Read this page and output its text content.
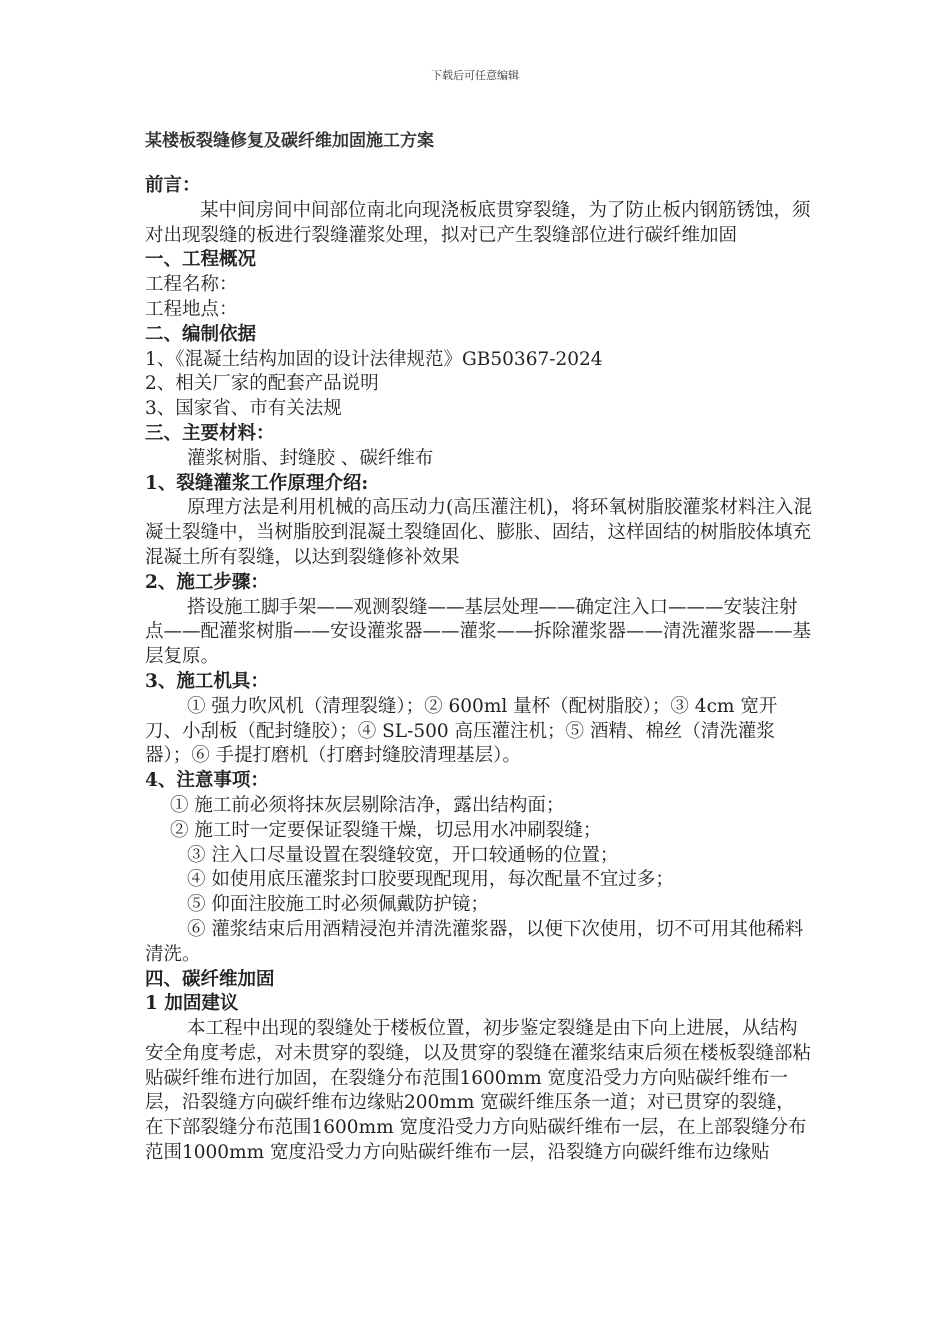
下载后可任意编辑
某楼板裂缝修复及碳纤维加固施工方案

前言：

某中间房间中间部位南北向现浇板底贯穿裂缝，为了防止板内钢筋锈蚀，须对出现裂缝的板进行裂缝灌浆处理，拟对已产生裂缝部位进行碳纤维加固

一、工程概况

工程名称：

工程地点：

二、编制依据

1、《混凝土结构加固的设计法律规范》GB50367-2024

2、相关厂家的配套产品说明

3、国家省、市有关法规

三、主要材料：

灌浆树脂、封缝胶 、碳纤维布

1、裂缝灌浆工作原理介绍:

原理方法是利用机械的高压动力(高压灌注机)，将环氧树脂胶灌浆材料注入混凝土裂缝中，当树脂胶到混凝土裂缝固化、膨胀、固结，这样固结的树脂胶体填充混凝土所有裂缝，以达到裂缝修补效果

2、施工步骤：

搭设施工脚手架——观测裂缝——基层处理——确定注入口———安装注射点——配灌浆树脂——安设灌浆器——灌浆——拆除灌浆器——清洗灌浆器——基层复原。

3、施工机具：

① 强力吹风机（清理裂缝）；② 600ml 量杯（配树脂胶）；③ 4cm 宽开刀、小刮板（配封缝胶）；④ SL-500 高压灌注机；⑤ 酒精、棉丝（清洗灌浆器）；⑥ 手提打磨机（打磨封缝胶清理基层）。

4、注意事项：

① 施工前必须将抹灰层剔除洁净，露出结构面；

② 施工时一定要保证裂缝干燥，切忌用水冲刷裂缝；

③ 注入口尽量设置在裂缝较宽，开口较通畅的位置；

④ 如使用底压灌浆封口胶要现配现用，每次配量不宜过多；

⑤ 仰面注胶施工时必须佩戴防护镜；

⑥ 灌浆结束后用酒精浸泡并清洗灌浆器，以便下次使用，切不可用其他稀料清洗。

四、碳纤维加固

1 加固建议

本工程中出现的裂缝处于楼板位置，初步鉴定裂缝是由下向上进展，从结构安全角度考虑，对未贯穿的裂缝，以及贯穿的裂缝在灌浆结束后须在楼板裂缝部粘贴碳纤维布进行加固，在裂缝分布范围1600mm 宽度沿受力方向贴碳纤维布一层，沿裂缝方向碳纤维布边缘贴200mm 宽碳纤维压条一道；对已贯穿的裂缝，在下部裂缝分布范围1600mm 宽度沿受力方向贴碳纤维布一层，在上部裂缝分布范围1000mm 宽度沿受力方向贴碳纤维布一层，沿裂缝方向碳纤维布边缘贴
